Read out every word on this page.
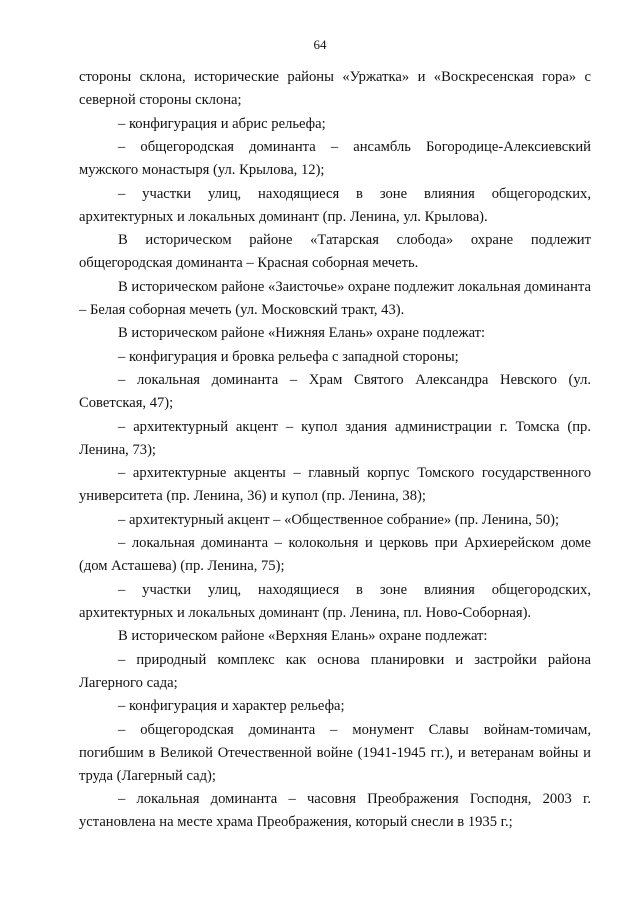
64

стороны склона, исторические районы «Уржатка» и «Воскресенская гора» с северной стороны склона;

– конфигурация и абрис рельефа;

– общегородская доминанта – ансамбль Богородице-Алексиевский мужского монастыря (ул. Крылова, 12);

– участки улиц, находящиеся в зоне влияния общегородских, архитектурных и локальных доминант (пр. Ленина, ул. Крылова).

В историческом районе «Татарская слобода» охране подлежит общегородская доминанта – Красная соборная мечеть.

В историческом районе «Заисточье» охране подлежит локальная доминанта – Белая соборная мечеть (ул. Московский тракт, 43).

В историческом районе «Нижняя Елань» охране подлежат:

– конфигурация и бровка рельефа с западной стороны;

– локальная доминанта – Храм Святого Александра Невского (ул. Советская, 47);

– архитектурный акцент – купол здания администрации г. Томска (пр. Ленина, 73);

– архитектурные акценты – главный корпус Томского государственного университета (пр. Ленина, 36) и купол (пр. Ленина, 38);

– архитектурный акцент – «Общественное собрание» (пр. Ленина, 50);

– локальная доминанта – колокольня и церковь при Архиерейском доме (дом Асташева) (пр. Ленина, 75);

– участки улиц, находящиеся в зоне влияния общегородских, архитектурных и локальных доминант (пр. Ленина, пл. Ново-Соборная).

В историческом районе «Верхняя Елань» охране подлежат:

– природный комплекс как основа планировки и застройки района Лагерного сада;

– конфигурация и характер рельефа;

– общегородская доминанта – монумент Славы войнам-томичам, погибшим в Великой Отечественной войне (1941-1945 гг.), и ветеранам войны и труда (Лагерный сад);

– локальная доминанта – часовня Преображения Господня, 2003 г. установлена на месте храма Преображения, который снесли в 1935 г.;
